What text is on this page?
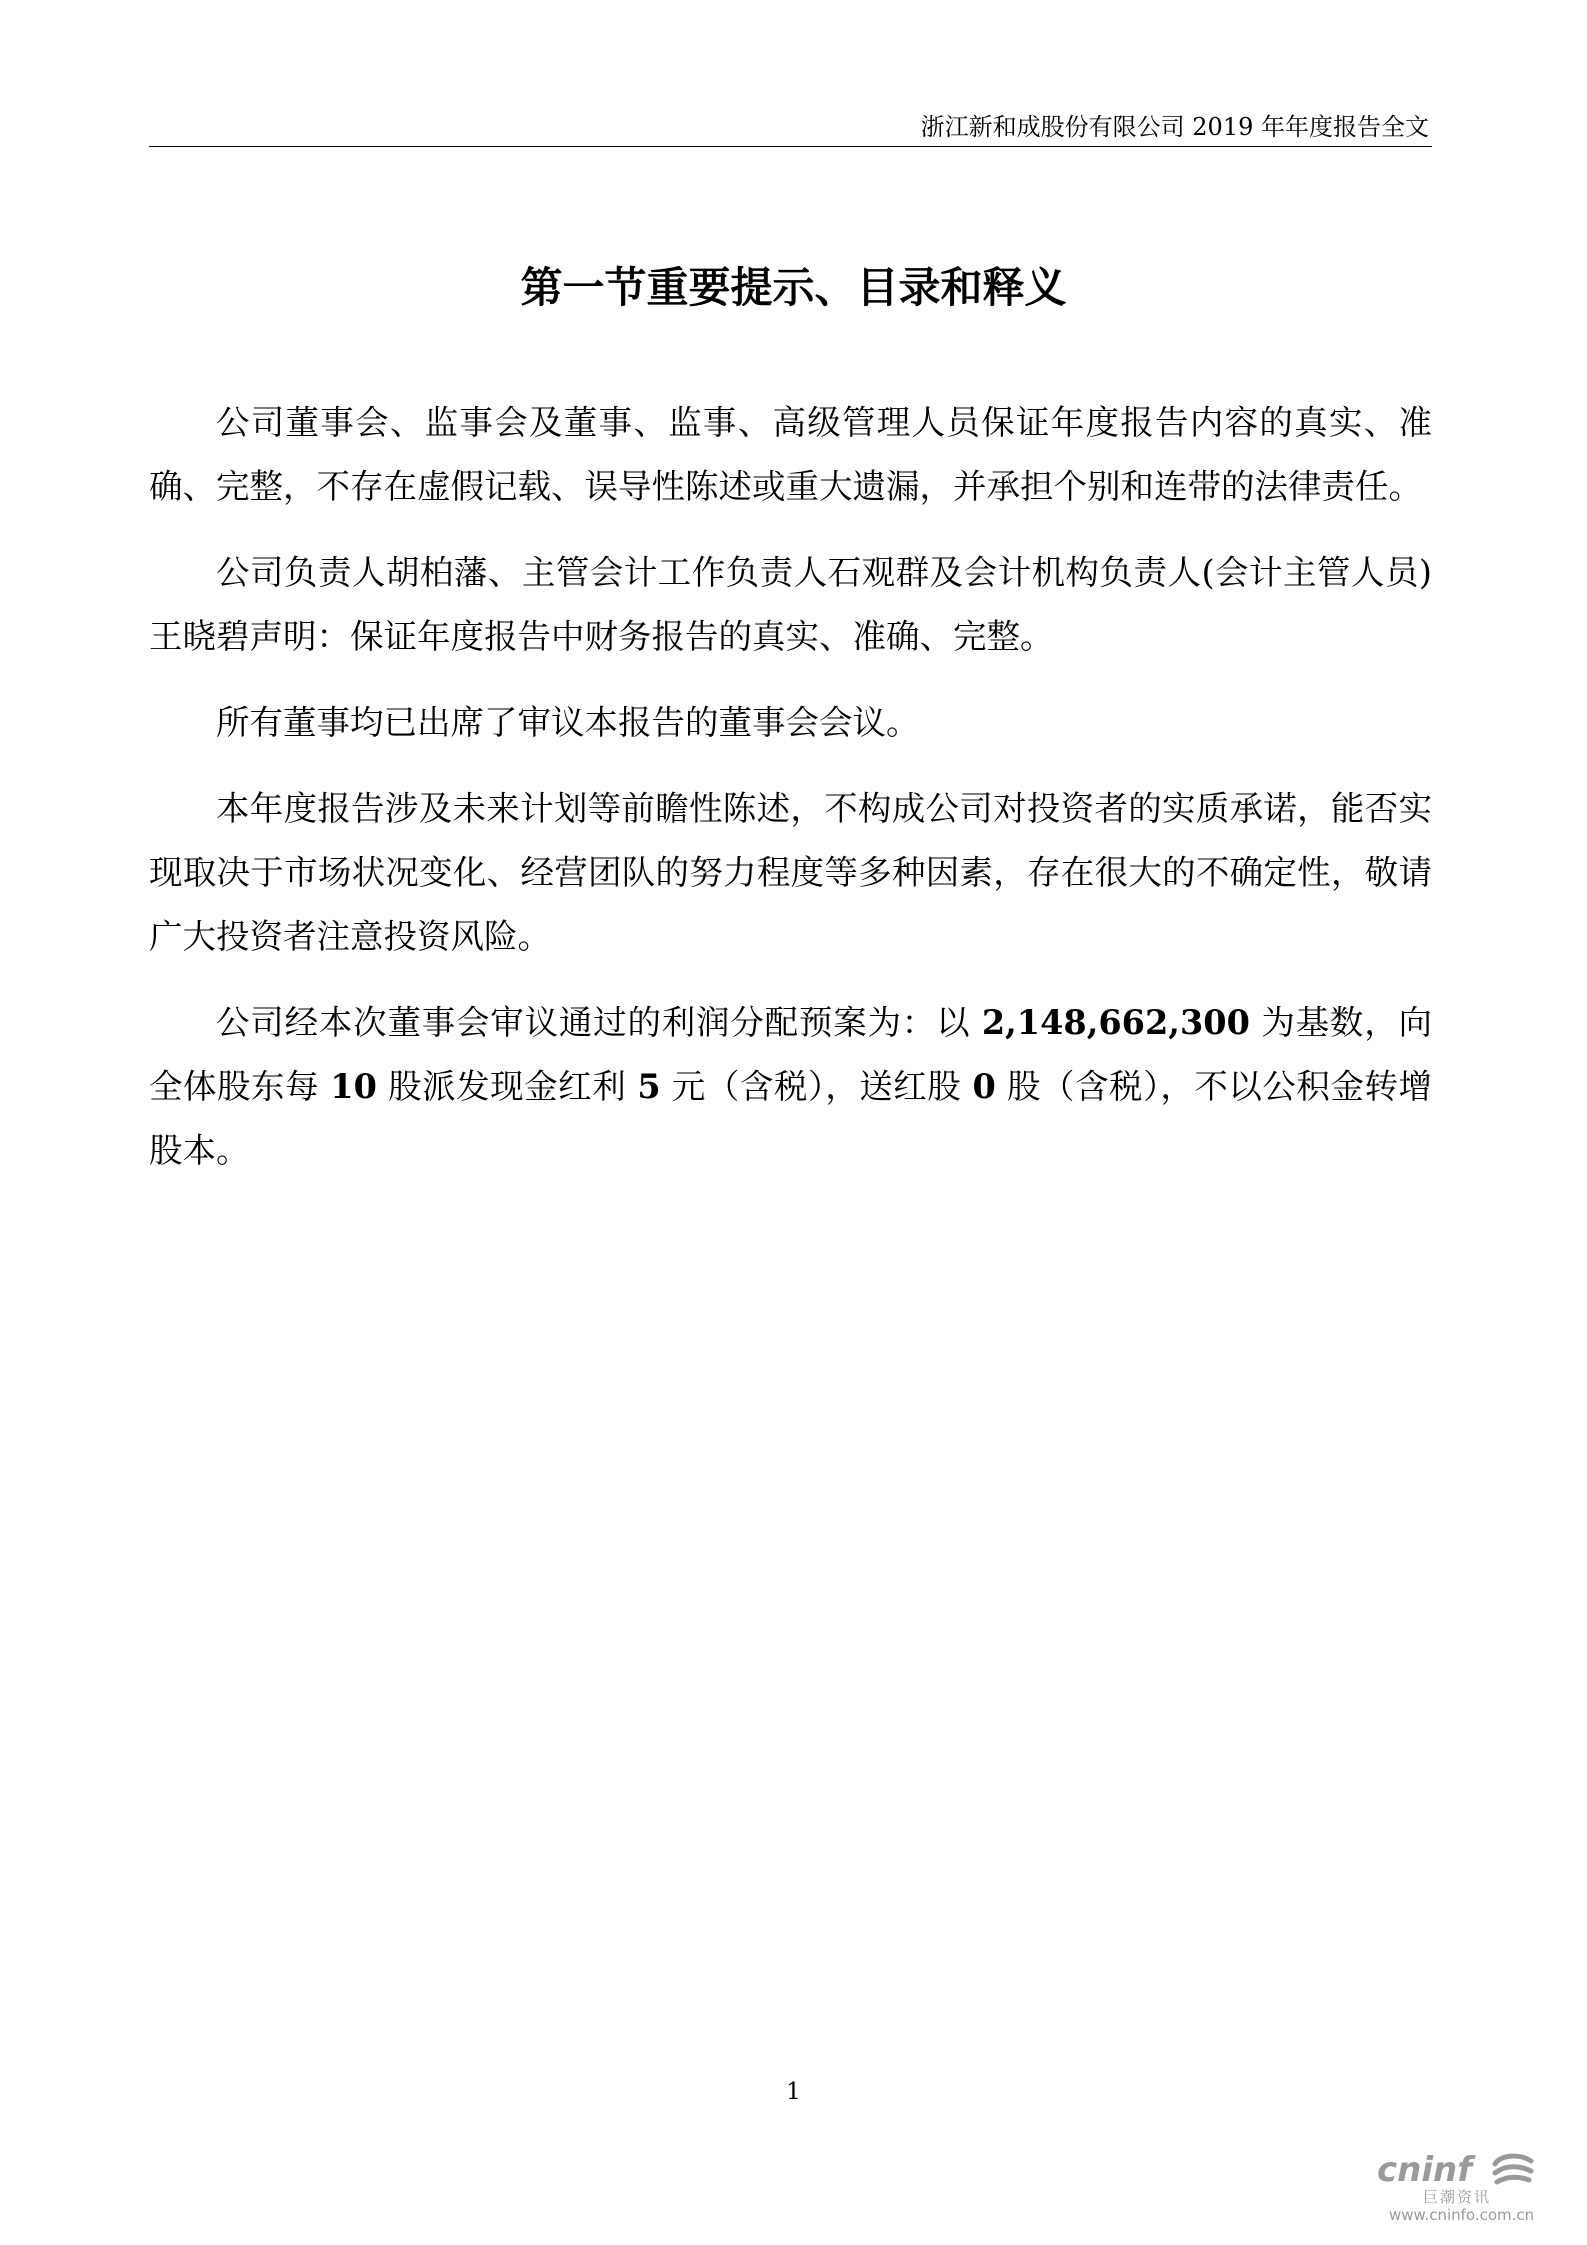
浙江新和成股份有限公司 2019 年年度报告全文
第一节重要提示、目录和释义

公司董事会、监事会及董事、监事、高级管理人员保证年度报告内容的真实、准确、完整，不存在虚假记载、误导性陈述或重大遗漏，并承担个别和连带的法律责任。

公司负责人胡柏藩、主管会计工作负责人石观群及会计机构负责人(会计主管人员)王晓碧声明：保证年度报告中财务报告的真实、准确、完整。

所有董事均已出席了审议本报告的董事会会议。

本年度报告涉及未来计划等前瞻性陈述，不构成公司对投资者的实质承诺，能否实现取决于市场状况变化、经营团队的努力程度等多种因素，存在很大的不确定性，敬请广大投资者注意投资风险。

公司经本次董事会审议通过的利润分配预案为：以 2,148,662,300 为基数，向全体股东每 10 股派发现金红利 5 元（含税），送红股 0 股（含税），不以公积金转增股本。

1
cninf
巨潮资讯
www.cninfo.com.cn
